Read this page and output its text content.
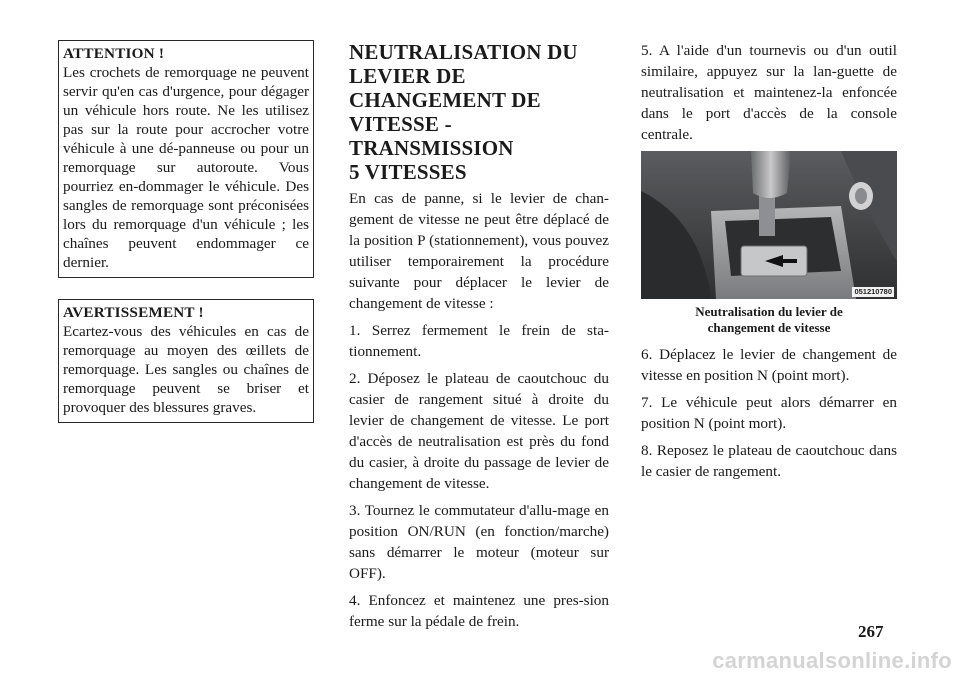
ATTENTION !
Les crochets de remorquage ne peuvent servir qu'en cas d'urgence, pour dégager un véhicule hors route. Ne les utilisez pas sur la route pour accrocher votre véhicule à une dé-panneuse ou pour un remorquage sur autoroute. Vous pourriez en-dommager le véhicule. Des sangles de remorquage sont préconisées lors du remorquage d'un véhicule ; les chaînes peuvent endommager ce dernier.
AVERTISSEMENT !
Ecartez-vous des véhicules en cas de remorquage au moyen des œillets de remorquage. Les sangles ou chaînes de remorquage peuvent se briser et provoquer des blessures graves.
NEUTRALISATION DU
LEVIER DE
CHANGEMENT DE
VITESSE -
TRANSMISSION
5 VITESSES

En cas de panne, si le levier de chan-gement de vitesse ne peut être déplacé de la position P (stationnement), vous pouvez utiliser temporairement la procédure suivante pour déplacer le levier de changement de vitesse :

1. Serrez fermement le frein de sta-tionnement.

2. Déposez le plateau de caoutchouc du casier de rangement situé à droite du levier de changement de vitesse. Le port d'accès de neutralisation est près du fond du casier, à droite du passage de levier de changement de vitesse.

3. Tournez le commutateur d'allu-mage en position ON/RUN (en fonction/marche) sans démarrer le moteur (moteur sur OFF).

4. Enfoncez et maintenez une pres-sion ferme sur la pédale de frein.

5. A l'aide d'un tournevis ou d'un outil similaire, appuyez sur la lan-guette de neutralisation et maintenez-la enfoncée dans le port d'accès de la console centrale.

051210780
Neutralisation du levier de
changement de vitesse

6. Déplacez le levier de changement de vitesse en position N (point mort).

7. Le véhicule peut alors démarrer en position N (point mort).

8. Reposez le plateau de caoutchouc dans le casier de rangement.

267
carmanualsonline.info
